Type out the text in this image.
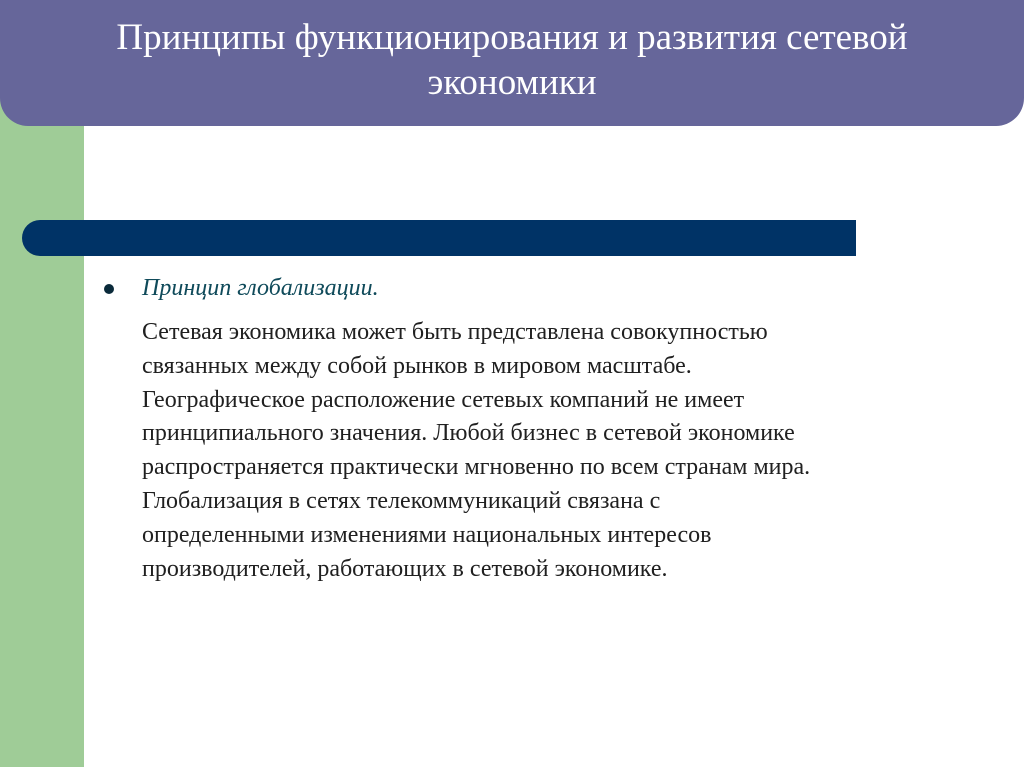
Принципы функционирования и развития сетевой экономики

Принцип глобализации.

Сетевая экономика может быть представлена совокупностью
связанных между собой рынков в мировом масштабе.
Географическое расположение сетевых компаний не имеет
принципиального значения. Любой бизнес в сетевой экономике
распространяется практически мгновенно по всем странам мира.
Глобализация в сетях телекоммуникаций связана с
определенными изменениями национальных интересов
производителей, работающих в сетевой экономике.
